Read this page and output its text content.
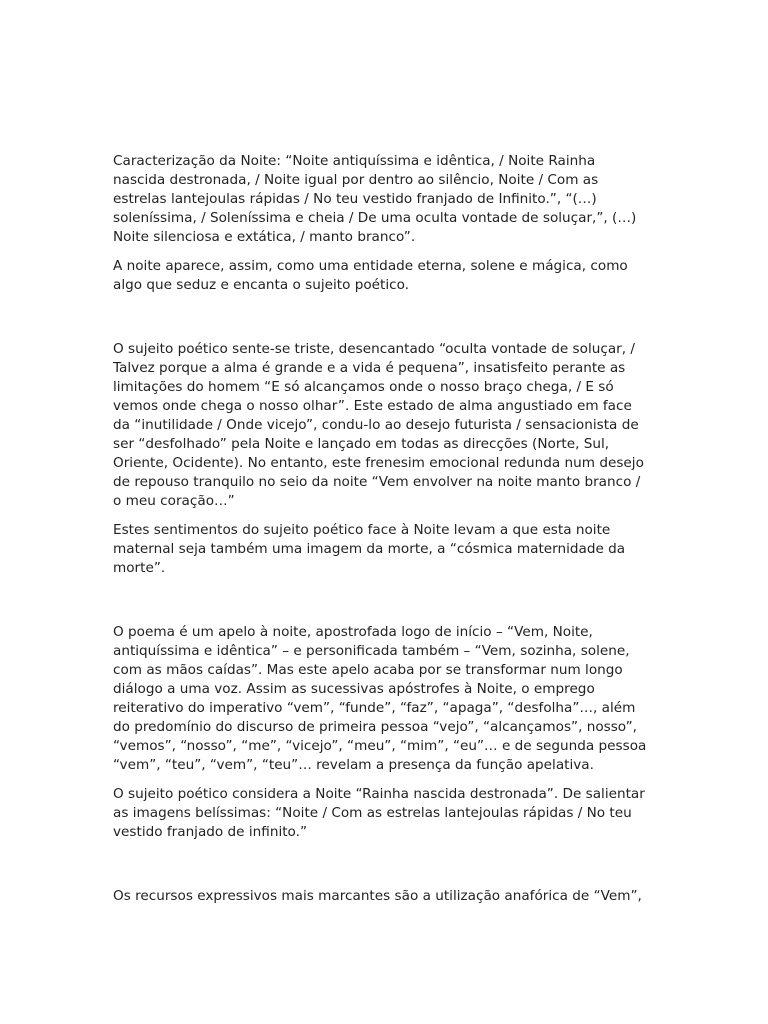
Caracterização da Noite: “Noite antiquíssima e idêntica, / Noite Rainha
nascida destronada, / Noite igual por dentro ao silêncio, Noite / Com as
estrelas lantejoulas rápidas / No teu vestido franjado de Infinito.”, “(…)
soleníssima, / Soleníssima e cheia / De uma oculta vontade de soluçar,”, (…)
Noite silenciosa e extática, / manto branco”.

A noite aparece, assim, como uma entidade eterna, solene e mágica, como
algo que seduz e encanta o sujeito poético.

O sujeito poético sente-se triste, desencantado “oculta vontade de soluçar, /
Talvez porque a alma é grande e a vida é pequena”, insatisfeito perante as
limitações do homem “E só alcançamos onde o nosso braço chega, / E só
vemos onde chega o nosso olhar”. Este estado de alma angustiado em face
da “inutilidade / Onde vicejo”, condu-lo ao desejo futurista / sensacionista de
ser “desfolhado” pela Noite e lançado em todas as direcções (Norte, Sul,
Oriente, Ocidente). No entanto, este frenesim emocional redunda num desejo
de repouso tranquilo no seio da noite “Vem envolver na noite manto branco /
o meu coração…”

Estes sentimentos do sujeito poético face à Noite levam a que esta noite
maternal seja também uma imagem da morte, a “cósmica maternidade da
morte”.

O poema é um apelo à noite, apostrofada logo de início – “Vem, Noite,
antiquíssima e idêntica” – e personificada também – “Vem, sozinha, solene,
com as mãos caídas”. Mas este apelo acaba por se transformar num longo
diálogo a uma voz. Assim as sucessivas apóstrofes à Noite, o emprego
reiterativo do imperativo “vem”, “funde”, “faz”, “apaga”, “desfolha”…, além
do predomínio do discurso de primeira pessoa “vejo”, “alcançamos”, nosso”,
“vemos”, “nosso”, “me”, “vicejo”, “meu”, “mim”, “eu”… e de segunda pessoa
“vem”, “teu”, “vem”, “teu”… revelam a presença da função apelativa.

O sujeito poético considera a Noite “Rainha nascida destronada”. De salientar
as imagens belíssimas: “Noite / Com as estrelas lantejoulas rápidas / No teu
vestido franjado de infinito.”

Os recursos expressivos mais marcantes são a utilização anafórica de “Vem”,
